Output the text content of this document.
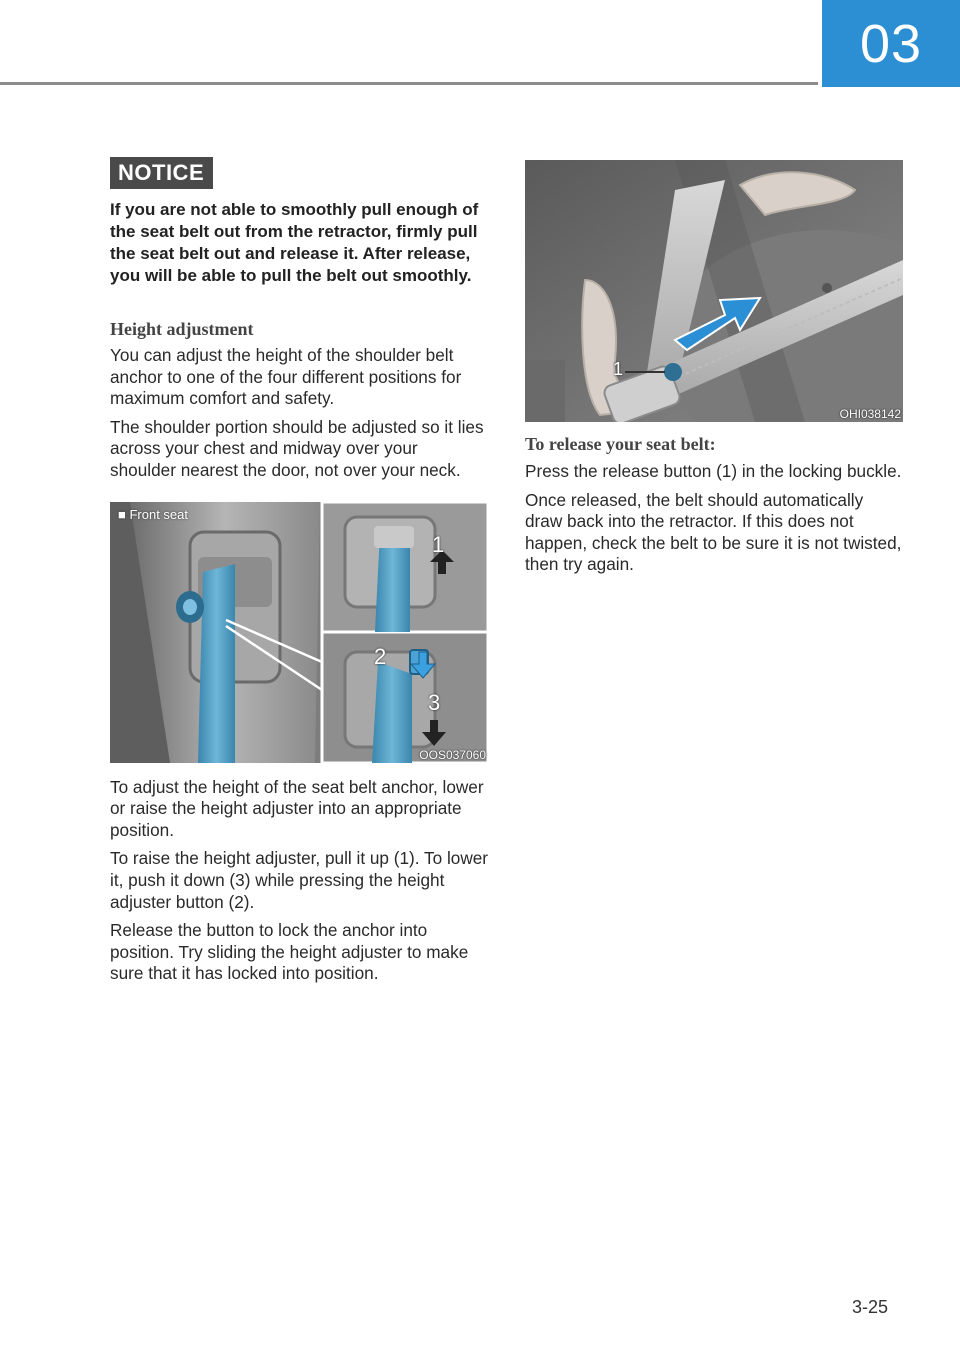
03
NOTICE

If you are not able to smoothly pull enough of the seat belt out from the retractor, firmly pull the seat belt out and release it. After release, you will be able to pull the belt out smoothly.

Height adjustment

You can adjust the height of the shoulder belt anchor to one of the four different positions for maximum comfort and safety.

The shoulder portion should be adjusted so it lies across your chest and midway over your shoulder nearest the door, not over your neck.

■ Front seat
1
2
3
OOS037060

To adjust the height of the seat belt anchor, lower or raise the height adjuster into an appropriate position.

To raise the height adjuster, pull it up (1). To lower it, push it down (3) while pressing the height adjuster button (2).

Release the button to lock the anchor into position. Try sliding the height adjuster to make sure that it has locked into position.

1
OHI038142
To release your seat belt:

Press the release button (1) in the locking buckle.

Once released, the belt should automatically draw back into the retractor. If this does not happen, check the belt to be sure it is not twisted, then try again.

3-25
